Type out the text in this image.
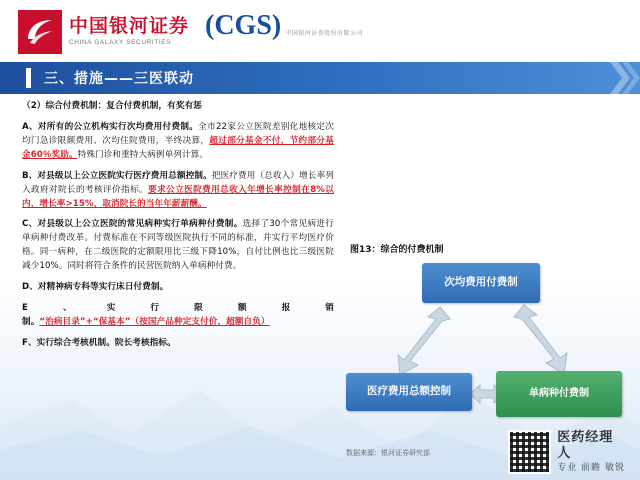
中国银河证券
CHINA GALAXY SECURITIES
(CGS) 中国银河证券股份有限公司
三、措施——三医联动
（2）综合付费机制：复合付费机制，有奖有惩
A、对所有的公立机构实行次均费用付费制。全市22家公立医院差别化地核定次均门急诊限额费用、次均住院费用，半终决算，超过部分基金不付，节约部分基金60％奖励。特殊门诊和重特大病例单列计算。
B、对县级以上公立医院实行医疗费用总额控制。把医疗费用（总收入）增长率列入政府对院长的考核评价指标。要求公立医院费用总收入年增长率控制在8%以内，增长率>15%，取消院长的当年年薪薪酬。
C、对县级以上公立医院的常见病种实行单病种付费制。选择了30个常见病进行单病种付费改革。付费标准在不同等级医院执行不同的标准，并实行平均医疗价格。同一病种，在二级医院的定额限用比三级下降10%，自付比例也比三级医院减少10%。同时将符合条件的民营医院纳入单病种付费。
D、对精神病专科等实行床日付费制。
E、实行限额报销制。“治病目录”+“保基本”（按国产品种定支付价，超额自负）
F、实行综合考核机制。院长考核指标。
图13：综合的付费机制
次均费用付费制
医疗费用总额控制	单病种付费制
数据来源：银河证券研究部
医药经理人
专业 前瞻 敏锐
